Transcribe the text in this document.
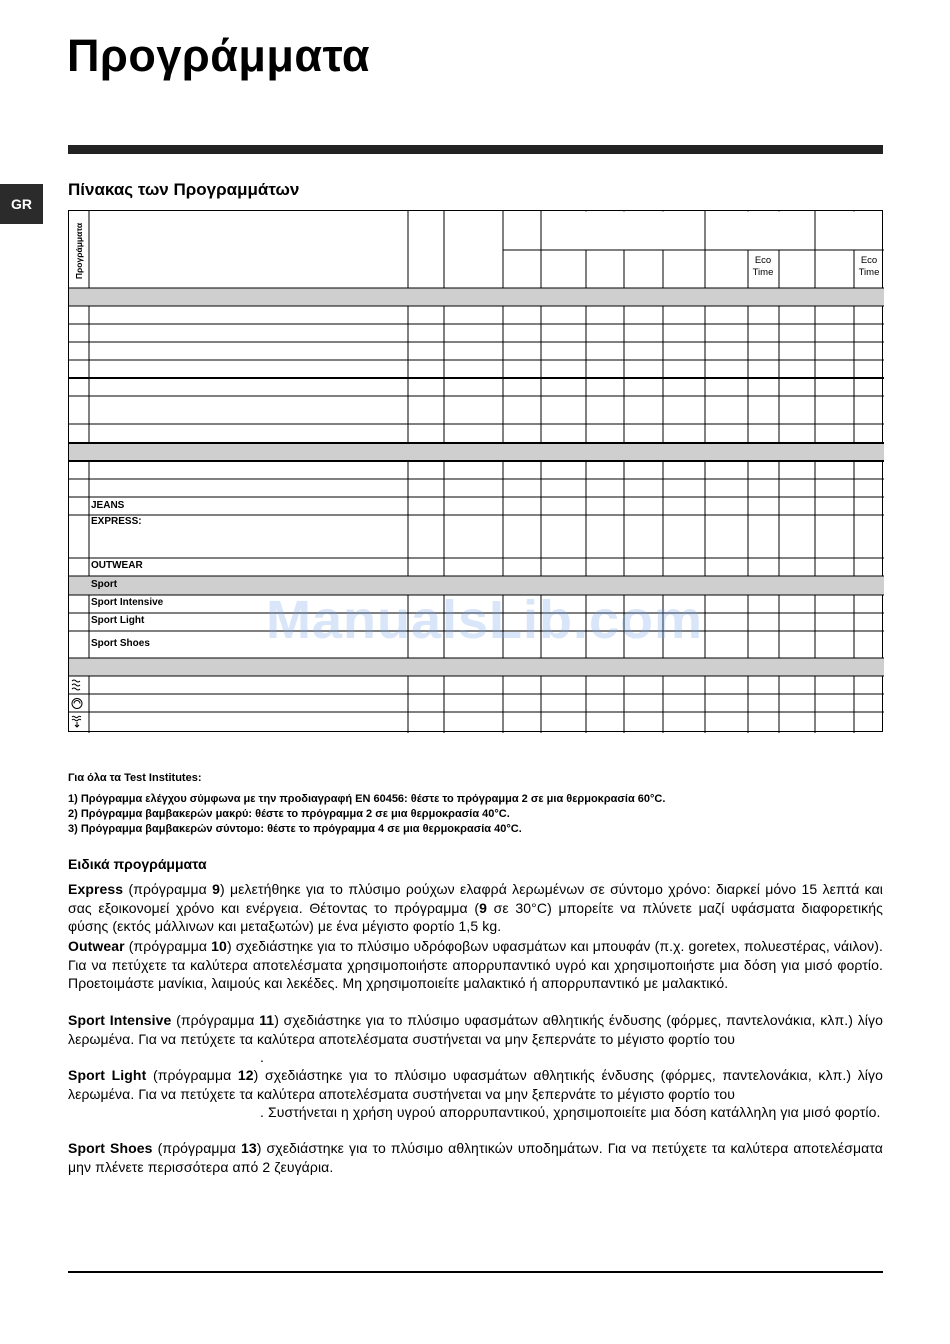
Προγράμματα
GR
Πίνακας των Προγραμμάτων
Προγράμματα	Eco
Time
Eco
Time
JEANS
EXPRESS:
OUTWEAR
Sport
Sport Intensive
Sport Light
Sport Shoes ManualsLib.com
Για όλα τα Test Institutes:
1) Πρόγραμμα ελέγχου σύμφωνα με την προδιαγραφή EN 60456: θέστε το πρόγραμμα 2 σε μια θερμοκρασία 60°C.
2) Πρόγραμμα βαμβακερών μακρύ: θέστε το πρόγραμμα 2 σε μια θερμοκρασία 40°C.
3) Πρόγραμμα βαμβακερών σύντομο: θέστε το πρόγραμμα 4 σε μια θερμοκρασία 40°C.
Ειδικά προγράμματα
Express (πρόγραμμα 9) μελετήθηκε για το πλύσιμο ρούχων ελαφρά λερωμένων σε σύντομο χρόνο: διαρκεί μόνο 15 λεπτά και σας εξοικονομεί χρόνο και ενέργεια. Θέτοντας το πρόγραμμα (9 σε 30°C) μπορείτε να πλύνετε μαζί υφάσματα διαφορετικής φύσης (εκτός μάλλινων και μεταξωτών) με ένα μέγιστο φορτίο 1,5 kg.
Outwear (πρόγραμμα 10) σχεδιάστηκε για το πλύσιμο υδρόφοβων υφασμάτων και μπουφάν (π.χ. goretex, πολυεστέρας, νάιλον). Για να πετύχετε τα καλύτερα αποτελέσματα χρησιμοποιήστε απορρυπαντικό υγρό και χρησιμοποιήστε μια δόση για μισό φορτίο. Προετοιμάστε μανίκια, λαιμούς και λεκέδες. Μη χρησιμοποιείτε μαλακτικό ή απορρυπαντικό με μαλακτικό.
Sport Intensive (πρόγραμμα 11) σχεδιάστηκε για το πλύσιμο υφασμάτων αθλητικής ένδυσης (φόρμες, παντελονάκια, κλπ.) λίγο λερωμένα. Για να πετύχετε τα καλύτερα αποτελέσματα συστήνεται να μην ξεπερνάτε το μέγιστο φορτίο του
.
Sport Light (πρόγραμμα 12) σχεδιάστηκε για το πλύσιμο υφασμάτων αθλητικής ένδυσης (φόρμες, παντελονάκια, κλπ.) λίγο λερωμένα. Για να πετύχετε τα καλύτερα αποτελέσματα συστήνεται να μην ξεπερνάτε το μέγιστο φορτίο του
. Συστήνεται η χρήση υγρού απορρυπαντικού, χρησιμοποιείτε μια δόση κατάλληλη για μισό φορτίο.
Sport Shoes (πρόγραμμα 13) σχεδιάστηκε για το πλύσιμο αθλητικών υποδημάτων. Για να πετύχετε τα καλύτερα αποτελέσματα μην πλένετε περισσότερα από 2 ζευγάρια.
